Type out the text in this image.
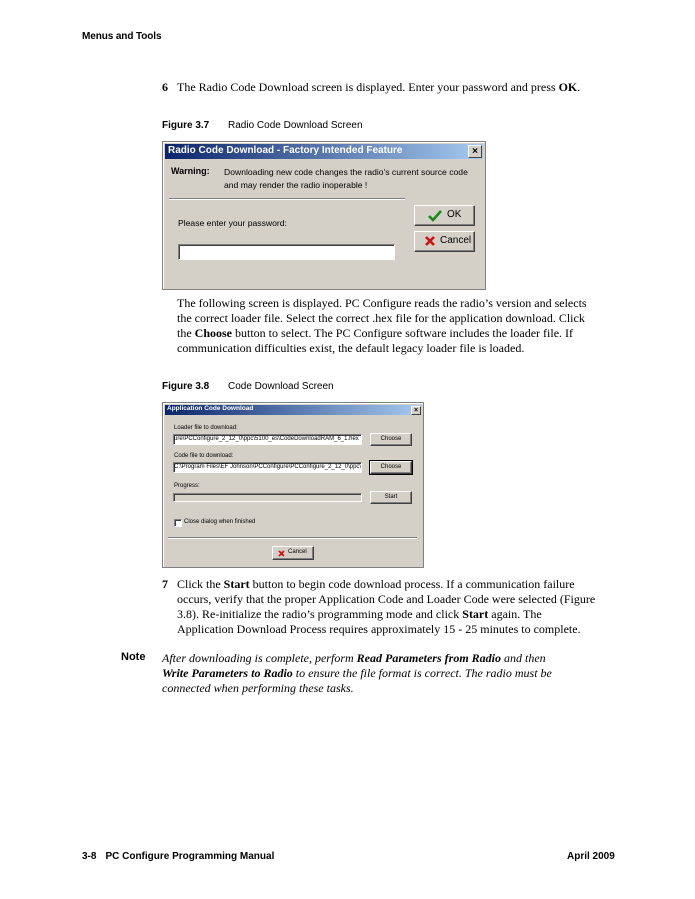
Menus and Tools
6 The Radio Code Download screen is displayed. Enter your password and press OK.
Figure 3.7 Radio Code Download Screen
Radio Code Download - Factory Intended Feature	×
Warning: Downloading new code changes the radio's current source code
and may render the radio inoperable !
Please enter your password:
OK
Cancel
The following screen is displayed. PC Configure reads the radio’s version and selects
the correct loader file. Select the correct .hex file for the application download. Click
the Choose button to select. The PC Configure software includes the loader file. If
communication difficulties exist, the default legacy loader file is loaded.
Figure 3.8 Code Download Screen
Application Code Download	×
Loader file to download:
ure\PCConfigure_2_12_0\ppc\5100_es\CodeDownloadRAM_6_1.hex	Choose
Code file to download:
C:\Program Files\EF Johnson\PCConfigure\PCConfigure_2_12_0\ppc\	Choose
Progress:
Start
Close dialog when finished
Cancel
7 Click the Start button to begin code download process. If a communication failure
occurs, verify that the proper Application Code and Loader Code were selected (Figure
3.8). Re-initialize the radio’s programming mode and click Start again. The
Application Download Process requires approximately 15 - 25 minutes to complete.
Note After downloading is complete, perform Read Parameters from Radio and then
Write Parameters to Radio to ensure the file format is correct. The radio must be
connected when performing these tasks.
3-8 PC Configure Programming Manual	April 2009
